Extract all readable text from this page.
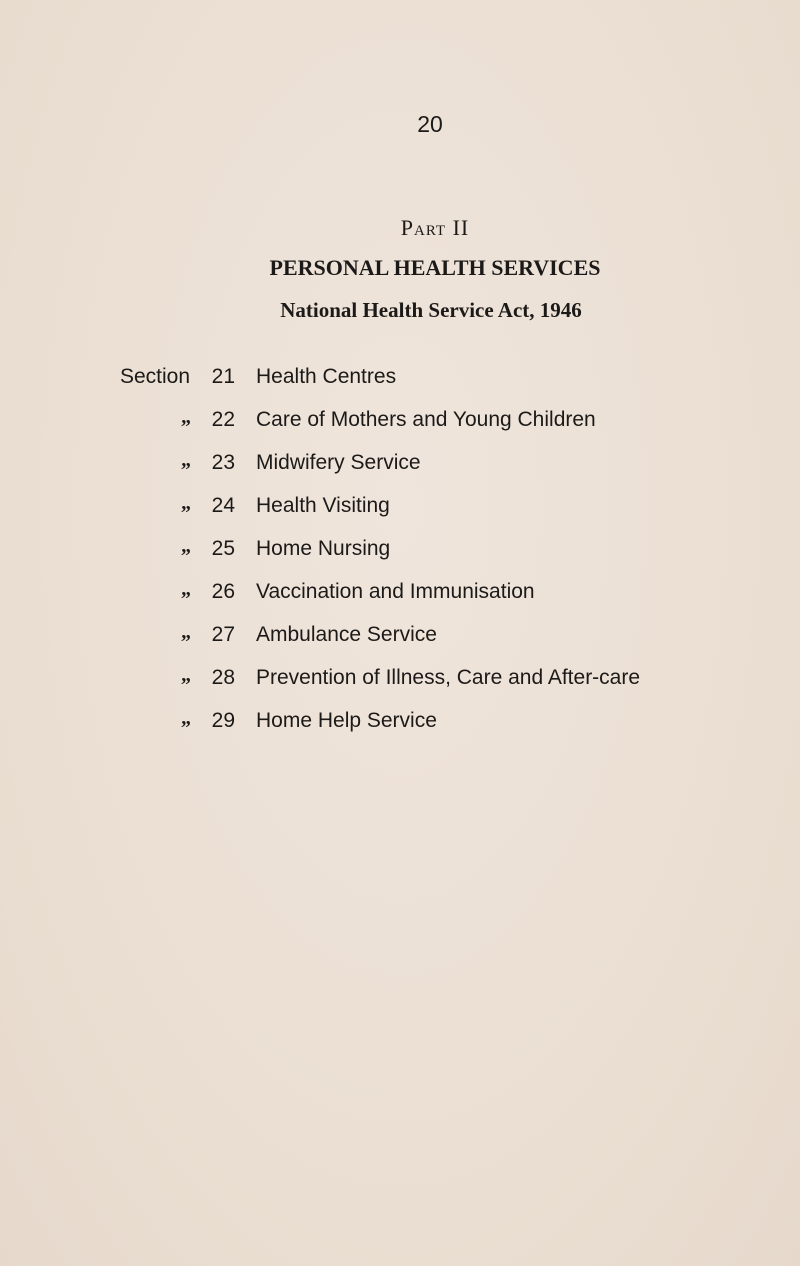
20
Part II
PERSONAL HEALTH SERVICES
National Health Service Act, 1946
Section	21 Health Centres
„ 22 Care of Mothers and Young Children
„ 23 Midwifery Service
„ 24 Health Visiting
„ 25 Home Nursing
„ 26 Vaccination and Immunisation
„ 27 Ambulance Service
„ 28 Prevention of Illness, Care and After-care
„ 29 Home Help Service
